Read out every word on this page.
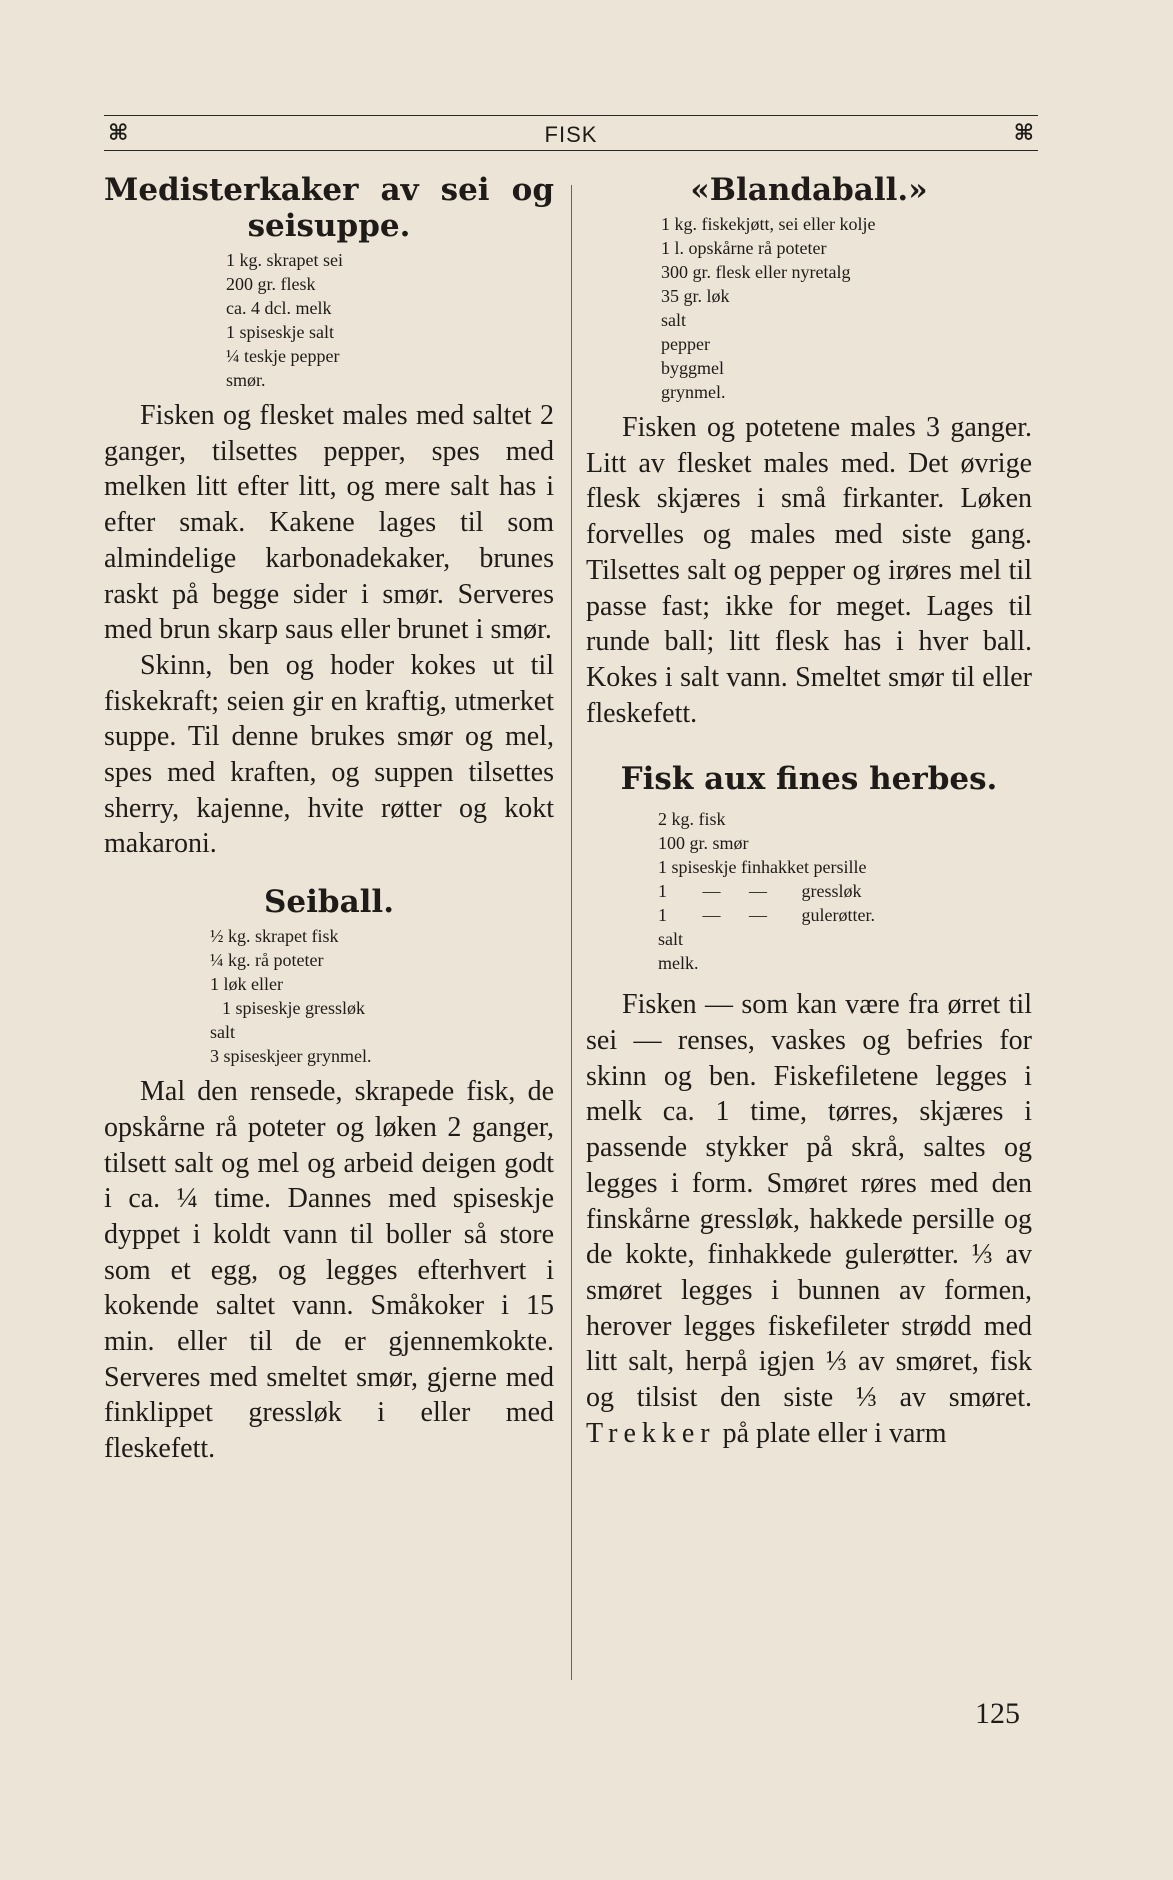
⌘	FISK	⌘
Medisterkaker av sei og
seisuppe.
1 kg. skrapet sei
200 gr. flesk
ca. 4 dcl. melk
1 spiseskje salt
¼ teskje pepper
smør.

Fisken og flesket males med saltet 2 ganger, tilsettes pepper, spes med melken litt efter litt, og mere salt has i efter smak. Kakene lages til som almindelige karbonadekaker, brunes raskt på begge sider i smør. Serveres med brun skarp saus eller brunet i smør.

Skinn, ben og hoder kokes ut til fiskekraft; seien gir en kraftig, utmerket suppe. Til denne brukes smør og mel, spes med kraften, og suppen tilsettes sherry, kajenne, hvite røtter og kokt makaroni.

Seiball.
½ kg. skrapet fisk
¼ kg. rå poteter
1 løk eller
1 spiseskje gressløk
salt
3 spiseskjeer grynmel.

Mal den rensede, skrapede fisk, de opskårne rå poteter og løken 2 ganger, tilsett salt og mel og arbeid deigen godt i ca. ¼ time. Dannes med spiseskje dyppet i koldt vann til boller så store som et egg, og legges efterhvert i kokende saltet vann. Småkoker i 15 min. eller til de er gjennemkokte. Serveres med smeltet smør, gjerne med finklippet gressløk i eller med fleskefett.

«Blandaball.»
1 kg. fiskekjøtt, sei eller kolje
1 l. opskårne rå poteter
300 gr. flesk eller nyretalg
35 gr. løk
salt
pepper
byggmel
grynmel.

Fisken og potetene males 3 ganger. Litt av flesket males med. Det øvrige flesk skjæres i små firkanter. Løken forvelles og males med siste gang. Tilsettes salt og pepper og irøres mel til passe fast; ikke for meget. Lages til runde ball; litt flesk has i hver ball. Kokes i salt vann. Smeltet smør til eller fleskefett.

Fisk aux fines herbes.
2 kg. fisk
100 gr. smør
1 spiseskje finhakket persille
1 — — gressløk
1 — — gulerøtter.
salt
melk.

Fisken — som kan være fra ørret til sei — renses, vaskes og befries for skinn og ben. Fiskefiletene legges i melk ca. 1 time, tørres, skjæres i passende stykker på skrå, saltes og legges i form. Smøret røres med den finskårne gressløk, hakkede persille og de kokte, finhakkede gulerøtter. ⅓ av smøret legges i bunnen av formen, herover legges fiskefileter strødd med litt salt, herpå igjen ⅓ av smøret, fisk og tilsist den siste ⅓ av smøret. Trekker på plate eller i varm

125
